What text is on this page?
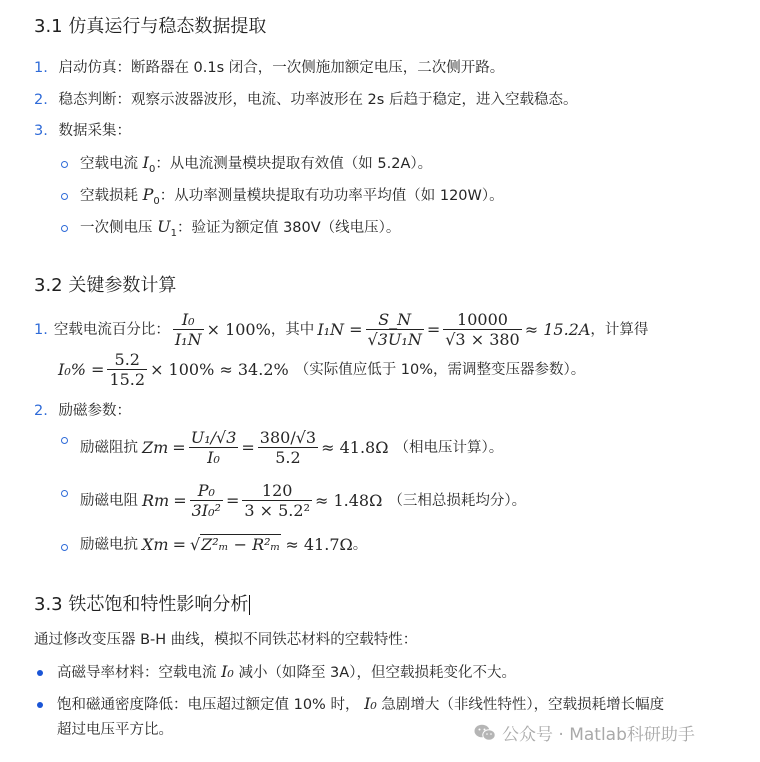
3.1 仿真运行与稳态数据提取
1. 启动仿真：断路器在 0.1s 闭合，一次侧施加额定电压，二次侧开路。
2. 稳态判断：观察示波器波形，电流、功率波形在 2s 后趋于稳定，进入空载稳态。
3. 数据采集：
空载电流 $I_0$：从电流测量模块提取有效值（如 5.2A）。
空载损耗 $P_0$：从功率测量模块提取有功功率平均值（如 120W）。
一次侧电压 $U_1$：验证为额定值 380V（线电压）。
3.2 关键参数计算
1. 空载电流百分比： $\frac{\text{I₀}}{\text{I₁N}} \times 100\%$ ，其中 $I_1N = \frac{S\_N}{\text{√3U₁N}} = \frac{10000}{√3 \times 380} \approx 15.2A$ ，计算得
$I_0\% = \frac{5.2}{15.2} \times 100\% \approx 34.2\%$ （实际值应低于 10%，需调整变压器参数）。
2. 励磁参数：
励磁阻抗 Z $m = \frac{\text{U₁/√3}}{\text{I₀}} = \frac{380/√3}{5.2} \approx 41.8\Omega$ （相电压计算）。
励磁电阻 R $m = \frac{\text{P₀}}{\text{3I₀²}} = \frac{120}{\text{3 × 5.2²}} \approx 1.48\Omega$ （三相总损耗均分）。
励磁电抗 X m = √ Z²ₘ − R²ₘ ≈ 41.7Ω 。
3.3 铁芯饱和特性影响分析
通过修改变压器 B-H 曲线，模拟不同铁芯材料的空载特性：
高磁导率材料：空载电流 I₀ 减小（如降至 3A），但空载损耗变化不大。
饱和磁通密度降低：电压超过额定值 10% 时， I₀ 急剧增大（非线性特性），空载损耗增长幅度
超过电压平方比。	公众号 · Matlab科研助手
